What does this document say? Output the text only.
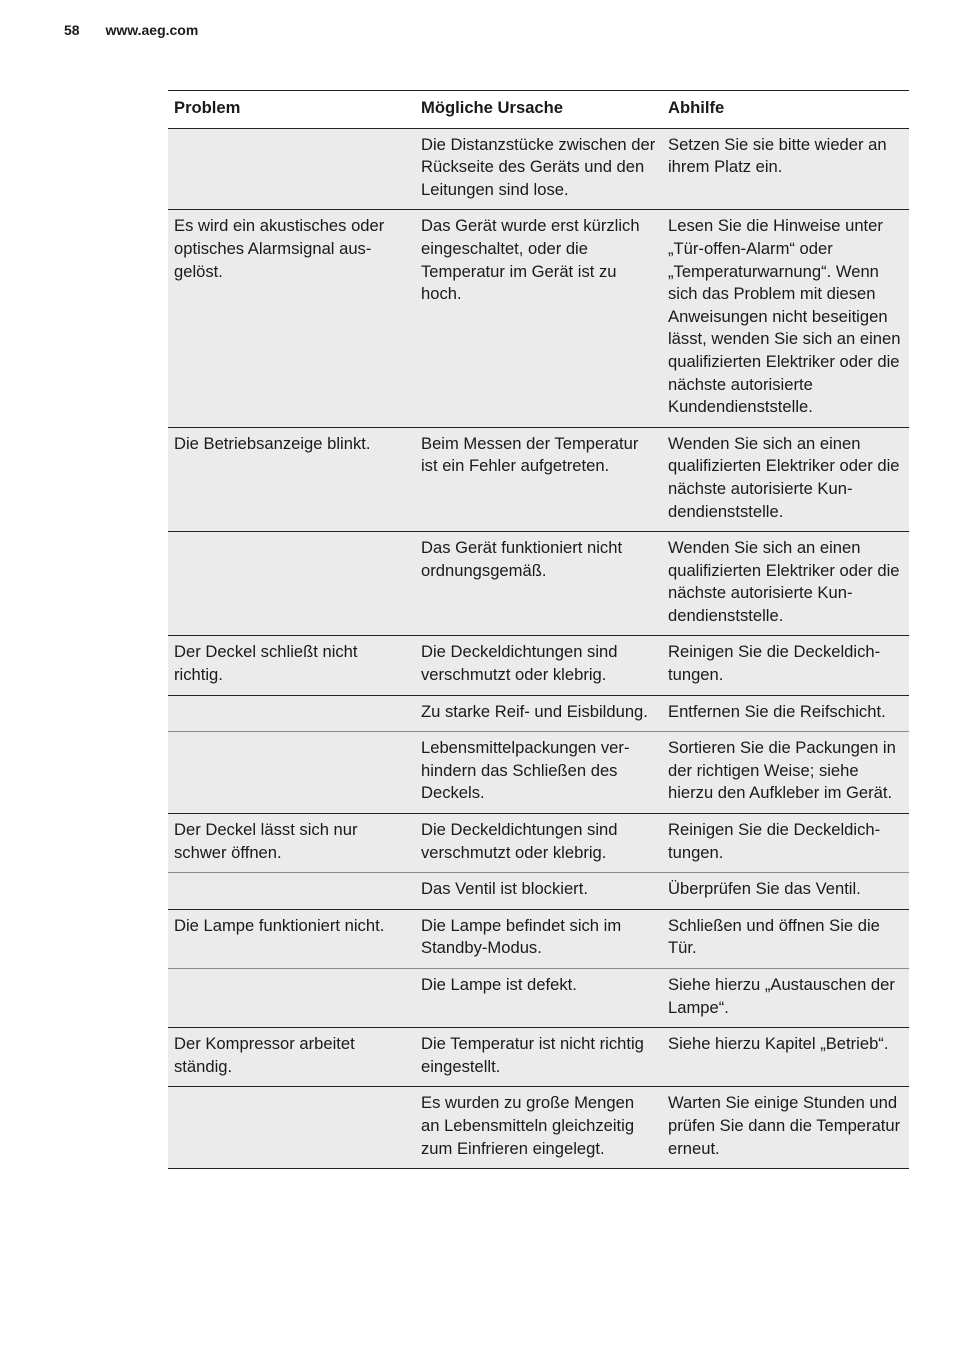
58 www.aeg.com
Problem	Mögliche Ursache	Abhilfe
	Die Distanzstücke zwischen der Rückseite des Geräts und den Leitungen sind lose.	Setzen Sie sie bitte wieder an ihrem Platz ein.
Es wird ein akustisches oder optisches Alarmsignal ausgelöst.	Das Gerät wurde erst kürzlich eingeschaltet, oder die Temperatur im Gerät ist zu hoch.	Lesen Sie die Hinweise unter „Tür-offen-Alarm“ oder „Temperaturwarnung“. Wenn sich das Problem mit diesen Anweisungen nicht beseitigen lässt, wenden Sie sich an einen qualifizierten Elektriker oder die nächste autorisierte Kundendienststelle.
Die Betriebsanzeige blinkt.	Beim Messen der Temperatur ist ein Fehler aufgetreten.	Wenden Sie sich an einen qualifizierten Elektriker oder die nächste autorisierte Kundendienststelle.
	Das Gerät funktioniert nicht ordnungsgemäß.	Wenden Sie sich an einen qualifizierten Elektriker oder die nächste autorisierte Kundendienststelle.
Der Deckel schließt nicht richtig.	Die Deckeldichtungen sind verschmutzt oder klebrig.	Reinigen Sie die Deckeldichtungen.
	Zu starke Reif- und Eisbildung.	Entfernen Sie die Reifschicht.
	Lebensmittelpackungen verhindern das Schließen des Deckels.	Sortieren Sie die Packungen in der richtigen Weise; siehe hierzu den Aufkleber im Gerät.
Der Deckel lässt sich nur schwer öffnen.	Die Deckeldichtungen sind verschmutzt oder klebrig.	Reinigen Sie die Deckeldichtungen.
	Das Ventil ist blockiert.	Überprüfen Sie das Ventil.
Die Lampe funktioniert nicht.	Die Lampe befindet sich im Standby-Modus.	Schließen und öffnen Sie die Tür.
	Die Lampe ist defekt.	Siehe hierzu „Austauschen der Lampe“.
Der Kompressor arbeitet ständig.	Die Temperatur ist nicht richtig eingestellt.	Siehe hierzu Kapitel „Betrieb“.
	Es wurden zu große Mengen an Lebensmitteln gleichzeitig zum Einfrieren eingelegt.	Warten Sie einige Stunden und prüfen Sie dann die Temperatur erneut.
